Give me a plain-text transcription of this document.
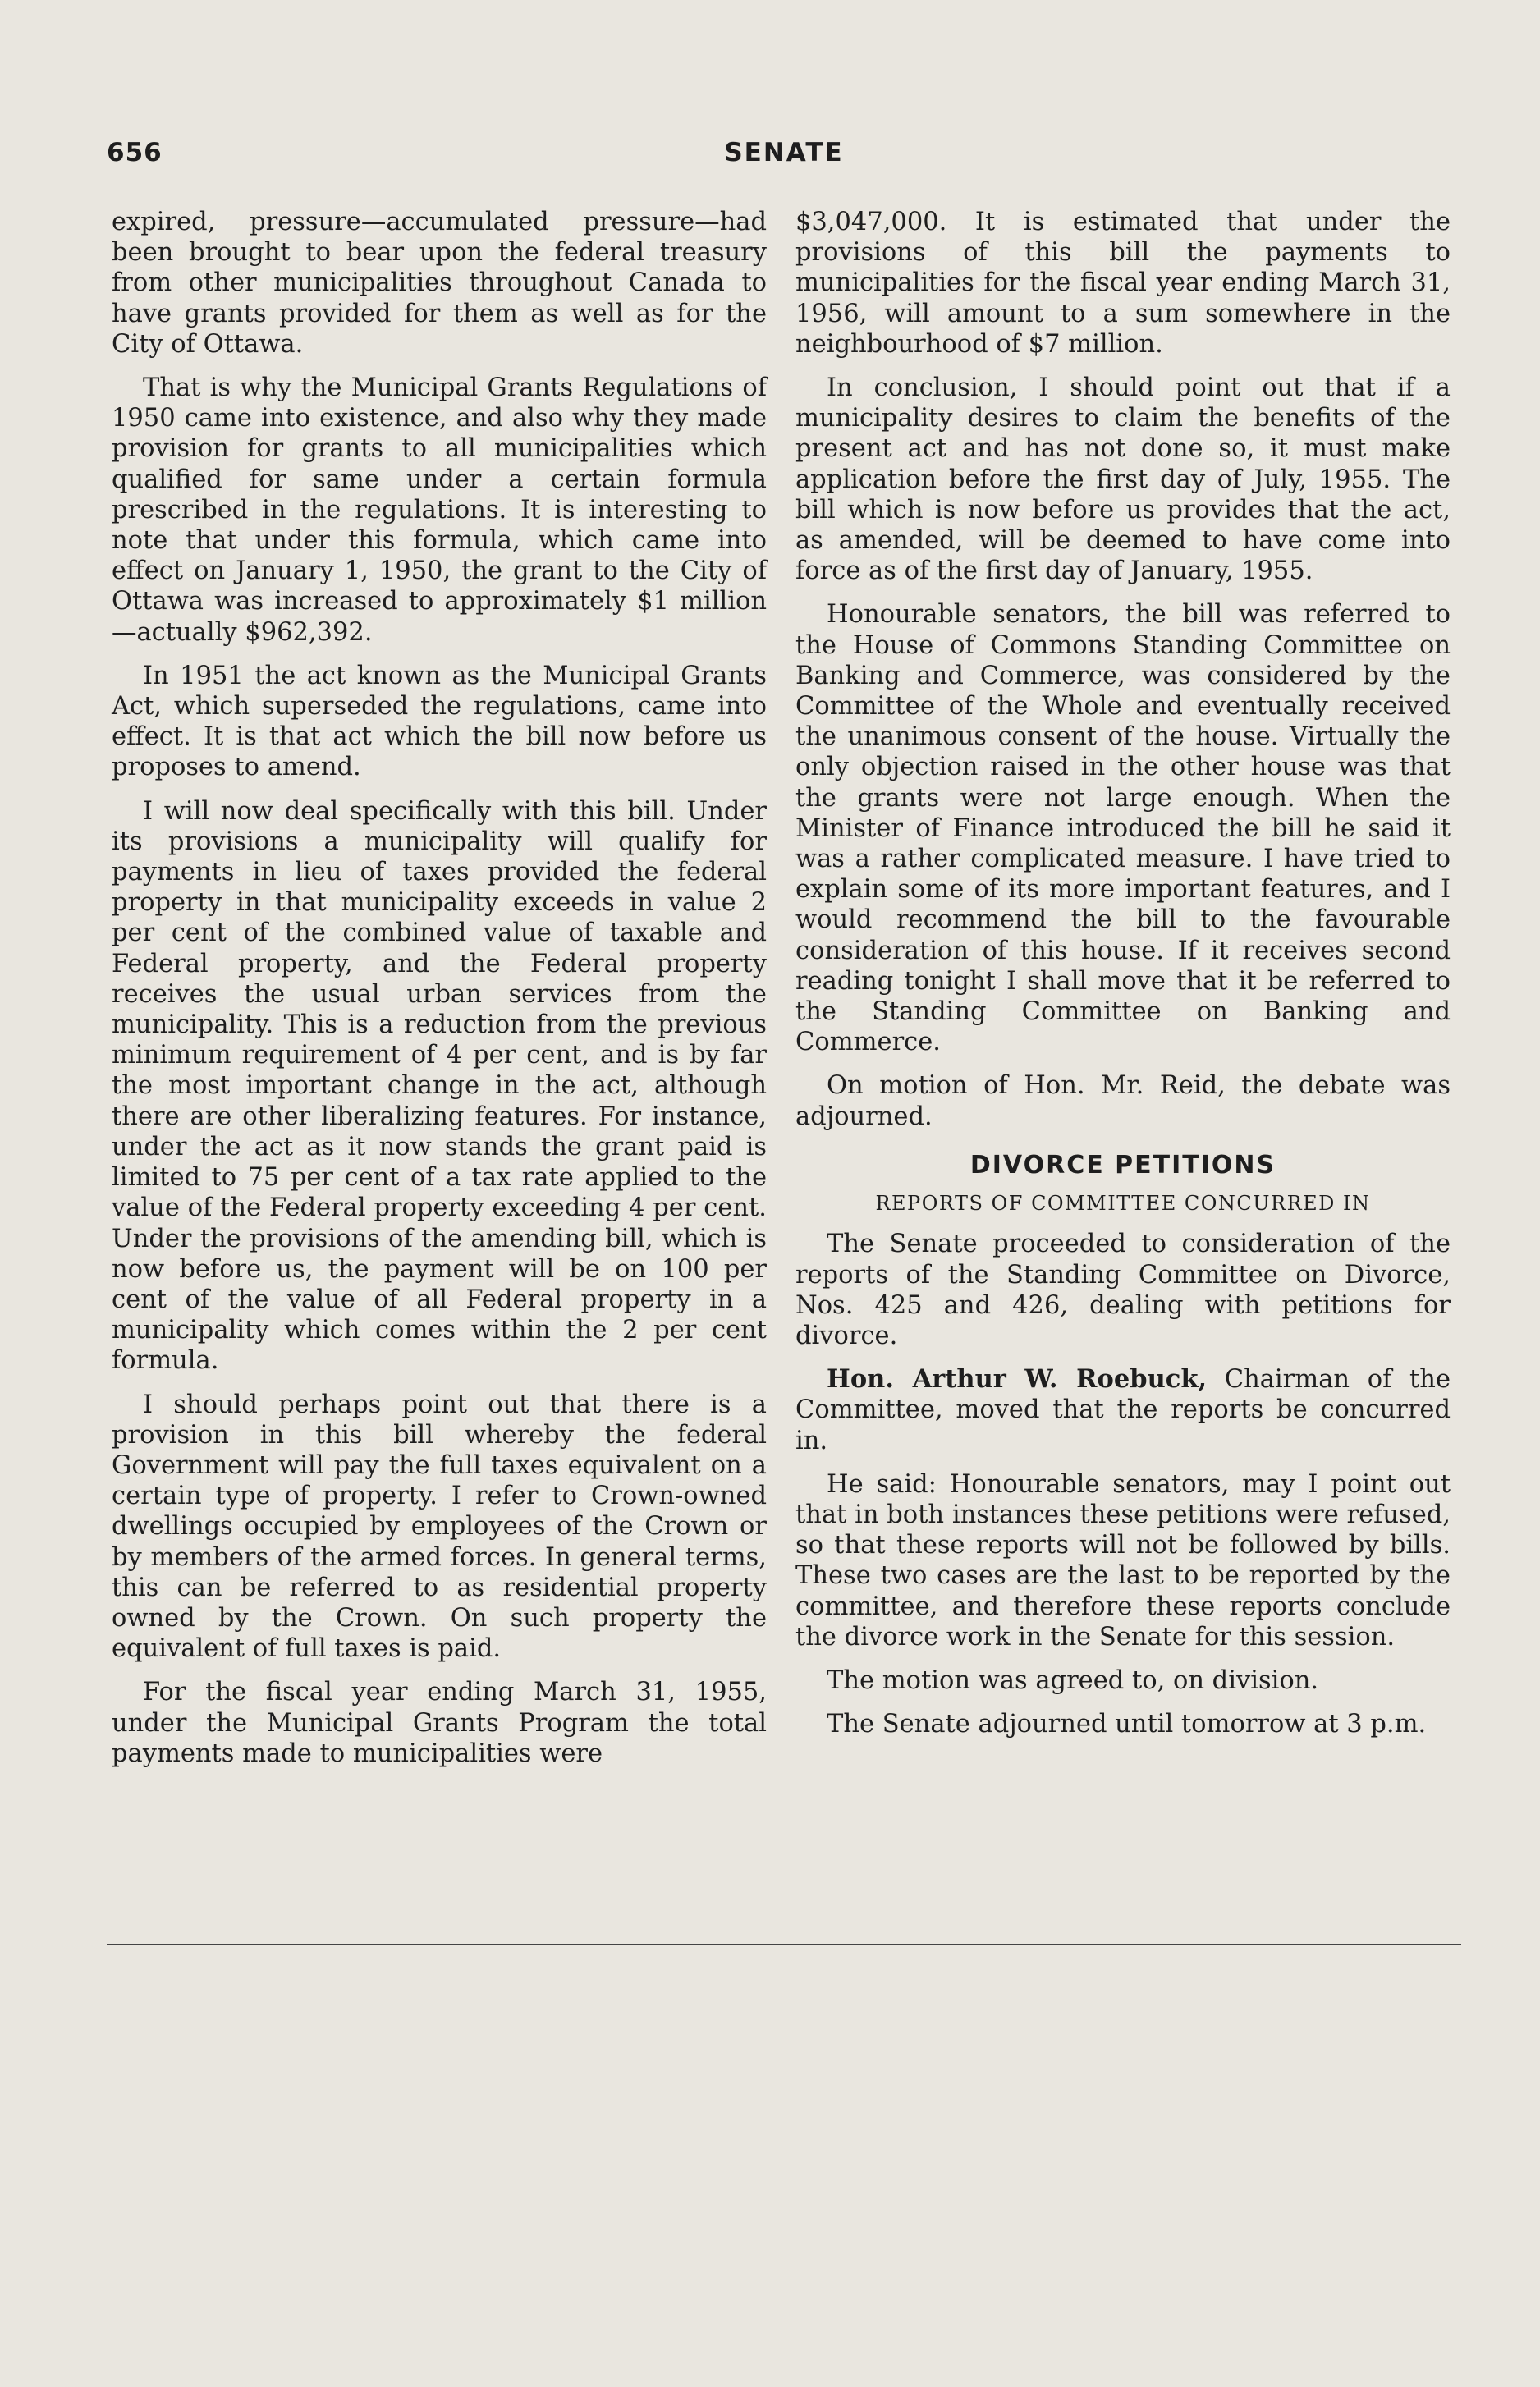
656	SENATE

expired, pressure—accumulated pressure—had been brought to bear upon the federal treasury from other municipalities throughout Canada to have grants provided for them as well as for the City of Ottawa.

That is why the Municipal Grants Regulations of 1950 came into existence, and also why they made provision for grants to all municipalities which qualified for same under a certain formula prescribed in the regulations. It is interesting to note that under this formula, which came into effect on January 1, 1950, the grant to the City of Ottawa was increased to approximately $1 million—actually $962,392.

In 1951 the act known as the Municipal Grants Act, which superseded the regulations, came into effect. It is that act which the bill now before us proposes to amend.

I will now deal specifically with this bill. Under its provisions a municipality will qualify for payments in lieu of taxes provided the federal property in that municipality exceeds in value 2 per cent of the combined value of taxable and Federal property, and the Federal property receives the usual urban services from the municipality. This is a reduction from the previous minimum requirement of 4 per cent, and is by far the most important change in the act, although there are other liberalizing features. For instance, under the act as it now stands the grant paid is limited to 75 per cent of a tax rate applied to the value of the Federal property exceeding 4 per cent. Under the provisions of the amending bill, which is now before us, the payment will be on 100 per cent of the value of all Federal property in a municipality which comes within the 2 per cent formula.

I should perhaps point out that there is a provision in this bill whereby the federal Government will pay the full taxes equivalent on a certain type of property. I refer to Crown-owned dwellings occupied by employees of the Crown or by members of the armed forces. In general terms, this can be referred to as residential property owned by the Crown. On such property the equivalent of full taxes is paid.

For the fiscal year ending March 31, 1955, under the Municipal Grants Program the total payments made to municipalities were

$3,047,000. It is estimated that under the provisions of this bill the payments to municipalities for the fiscal year ending March 31, 1956, will amount to a sum somewhere in the neighbourhood of $7 million.

In conclusion, I should point out that if a municipality desires to claim the benefits of the present act and has not done so, it must make application before the first day of July, 1955. The bill which is now before us provides that the act, as amended, will be deemed to have come into force as of the first day of January, 1955.

Honourable senators, the bill was referred to the House of Commons Standing Committee on Banking and Commerce, was considered by the Committee of the Whole and eventually received the unanimous consent of the house. Virtually the only objection raised in the other house was that the grants were not large enough. When the Minister of Finance introduced the bill he said it was a rather complicated measure. I have tried to explain some of its more important features, and I would recommend the bill to the favourable consideration of this house. If it receives second reading tonight I shall move that it be referred to the Standing Committee on Banking and Commerce.

On motion of Hon. Mr. Reid, the debate was adjourned.

DIVORCE PETITIONS
REPORTS OF COMMITTEE CONCURRED IN

The Senate proceeded to consideration of the reports of the Standing Committee on Divorce, Nos. 425 and 426, dealing with petitions for divorce.

Hon. Arthur W. Roebuck, Chairman of the Committee, moved that the reports be concurred in.

He said: Honourable senators, may I point out that in both instances these petitions were refused, so that these reports will not be followed by bills. These two cases are the last to be reported by the committee, and therefore these reports conclude the divorce work in the Senate for this session.

The motion was agreed to, on division.

The Senate adjourned until tomorrow at 3 p.m.
